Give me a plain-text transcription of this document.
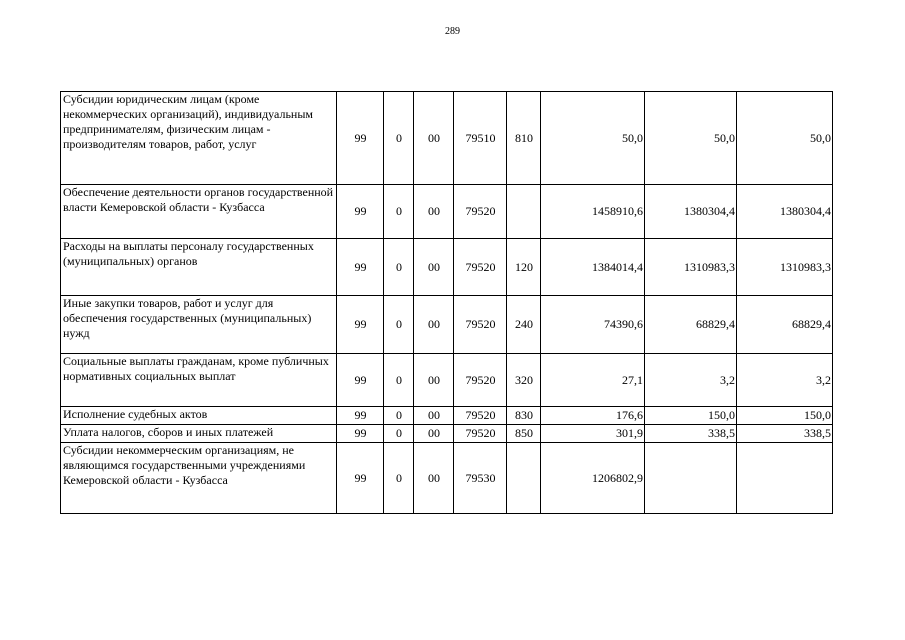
289
Субсидии юридическим лицам (кроме некоммерческих организаций), индивидуальным предпринимателям, физическим лицам - производителям товаров, работ, услуг	99	0	00	79510	810	50,0	50,0	50,0
Обеспечение деятельности органов государственной власти Кемеровской области - Кузбасса	99	0	00	79520		1458910,6	1380304,4	1380304,4
Расходы на выплаты персоналу государственных (муниципальных) органов	99	0	00	79520	120	1384014,4	1310983,3	1310983,3
Иные закупки товаров, работ и услуг для обеспечения государственных (муниципальных) нужд	99	0	00	79520	240	74390,6	68829,4	68829,4
Социальные выплаты гражданам, кроме публичных нормативных социальных выплат	99	0	00	79520	320	27,1	3,2	3,2
Исполнение судебных актов	99	0	00	79520	830	176,6	150,0	150,0
Уплата налогов, сборов и иных платежей	99	0	00	79520	850	301,9	338,5	338,5
Субсидии некоммерческим организациям, не являющимся государственными учреждениями Кемеровской области - Кузбасса	99	0	00	79530		1206802,9		
